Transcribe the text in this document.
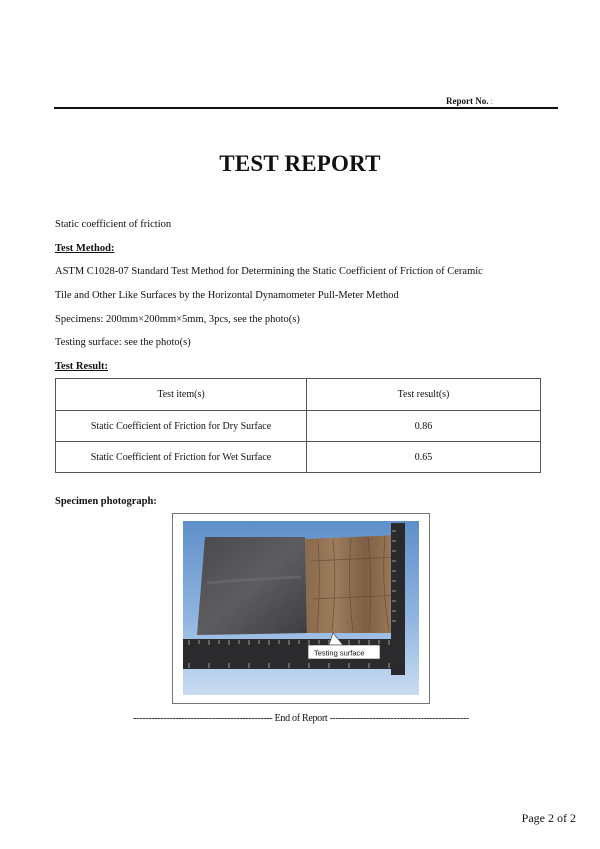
Report No. :
TEST REPORT
Static coefficient of friction
Test Method:
ASTM C1028-07 Standard Test Method for Determining the Static Coefficient of Friction of Ceramic
Tile and Other Like Surfaces by the Horizontal Dynamometer Pull-Meter Method
Specimens: 200mm×200mm×5mm, 3pcs, see the photo(s)
Testing surface: see the photo(s)
Test Result:
Test item(s)	Test result(s)
Static Coefficient of Friction for Dry Surface	0.86
Static Coefficient of Friction for Wet Surface	0.65
Specimen photograph:
Testing surface
---------------------------------------------- End of Report ----------------------------------------------
Page 2 of 2
